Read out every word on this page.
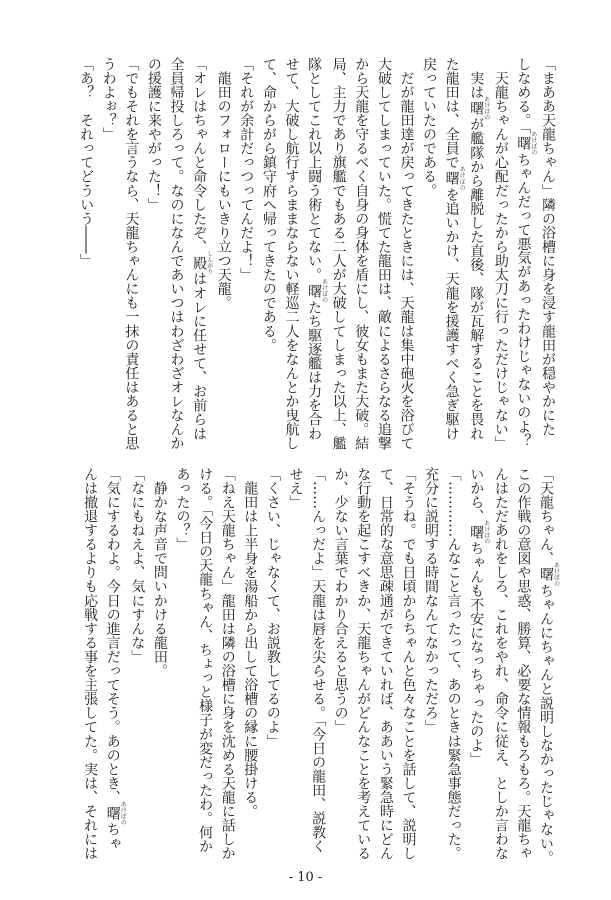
「まああ天龍ちゃん」隣の浴槽に身を浸す龍田が穏やかにた
しなめる。「曙あけぼのちゃんだって悪気があったわけじゃないのよ？
　天龍ちゃんが心配だったから助太刀に行っただけじゃない」
　実は曙あけぼのが艦隊から離脱した直後、隊が瓦解することを畏れ
た龍田は、全員で曙あけぼのを追いかけ、天龍を援護すべく急ぎ駆け
戻っていたのである。
　だが龍田達が戻ってきたときには、天龍は集中砲火を浴びて
大破してしまっていた。慌てた龍田は、敵によるさらなる追撃
から天龍を守るべく自身の身体を盾にし、彼女もまた大破。結
局、主力であり旗艦でもある二人が大破してしまった以上、艦
隊としてこれ以上闘う術とてない。曙あけぼのたち駆逐艦は力を合わ
せて、大破し航行すらままならない軽巡二人をなんとか曳航し
て、命からがら鎮守府へ帰ってきたのである。
「それが余計だっつってんだよ！」
　龍田のフォローにもいきり立つ天龍。
「オレはちゃんと命令したぞ、殿しんがりはオレに任せて、お前らは
全員帰投しろって。なのになんであいつはわざわざオレなんか
の援護に来やがった！」
「でもそれを言うなら、天龍ちゃんにも一抹の責任はあると思
うわよぉ？」
「あ？　それってどういう――」
「天龍ちゃん、曙あけぼのちゃんにちゃんと説明しなかったじゃない。
この作戦の意図や思惑、勝算、必要な情報もろもろ。天龍ちゃ
んはただあれをしろ、これをやれ、命令に従え、としか言わな
いから、曙あけぼのちゃんも不安になっちゃったのよ」
「…………んなこと言ったって、あのときは緊急事態だった。
充分に説明する時間なんてなかっただろ」
「そうね。でも日頃からちゃんと色々なことを話して、説明し
て、日常的な意思疎通ができていれば、ああいう緊急時にどん
な行動を起こすべきか、天龍ちゃんがどんなことを考えている
か、少ない言葉でわかり合えると思うの」
「……んっだよ」天龍は唇を尖らせる。「今日の龍田、説教く
せえ」
「くさい、じゃなくて、お説教してるのよ」
　龍田は上半身を湯船から出して浴槽の縁に腰掛ける。
「ねえ天龍ちゃん」龍田は隣の浴槽に身を沈める天龍に話しか
ける。「今日の天龍ちゃん、ちょっと様子が変だったわ。何か
あったの？」
　静かな声音で問いかける龍田。
「なにもねえよ、気にすんな」
「気にするわよ。今日の進言だってそう。あのとき、曙あけぼのちゃ
んは撤退するよりも応戦する事を主張してた。実は、それには
- 10 -
